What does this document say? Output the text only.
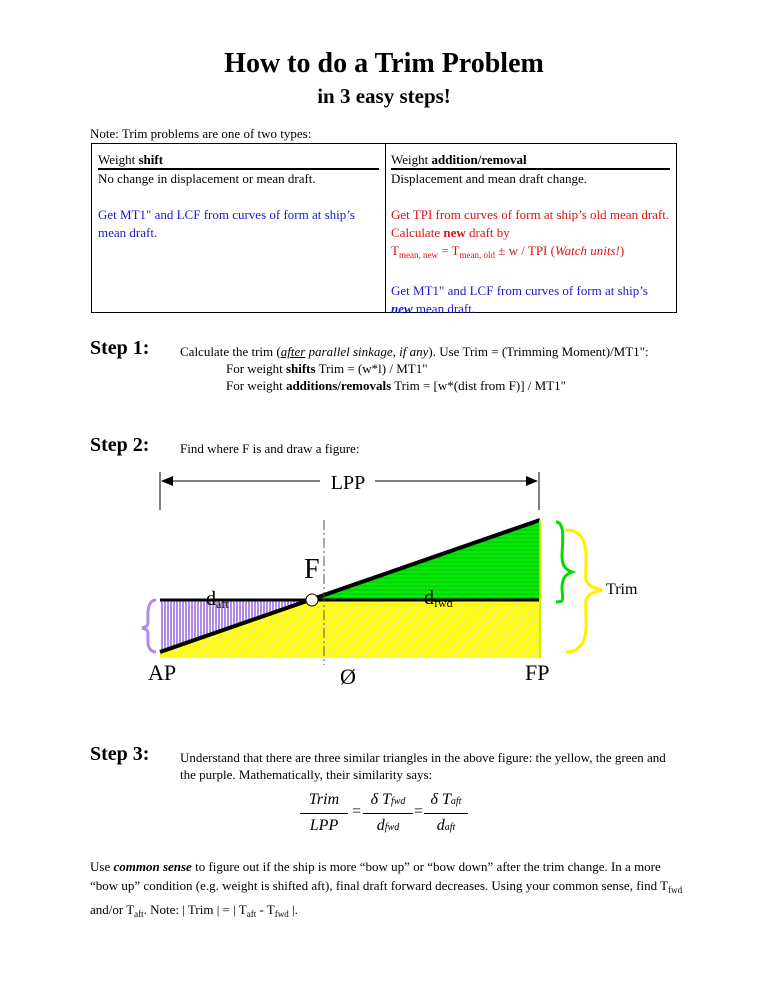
How to do a Trim Problem
in 3 easy steps!
Note: Trim problems are one of two types:
Weight shift
No change in displacement or mean draft.
Get MT1" and LCF from curves of form at ship’s mean draft.
Weight addition/removal
Displacement and mean draft change.
Get TPI from curves of form at ship’s old mean draft. Calculate new draft by
$T_{mean, new} = T_{mean, old} \pm w$ / TPI (Watch units!)
Get MT1" and LCF from curves of form at ship’s new mean draft.
Step 1: Calculate the trim (after parallel sinkage, if any). Use Trim = (Trimming Moment)/MT1":
For weight shifts Trim = (w*l) / MT1"
For weight additions/removals Trim = [w*(dist from F)] / MT1"
Step 2: Find where F is and draw a figure:
LPP
F
daft	dfwd
Trim
AP	FP
Ø
Step 3: Understand that there are three similar triangles in the above figure: the yellow, the green and the purple. Mathematically, their similarity says:
Trim
LPP
=
δ Tfwd
dfwd
=
δ Taft
daft
Use common sense to figure out if the ship is more “bow up” or “bow down” after the trim change. In a more “bow up” condition (e.g. weight is shifted aft), final draft forward decreases. Using your common sense, find $T_{fwd}$ and/or $T_{aft}$. Note: | Trim | = | $T_{aft} - T_{fwd}$ |.
